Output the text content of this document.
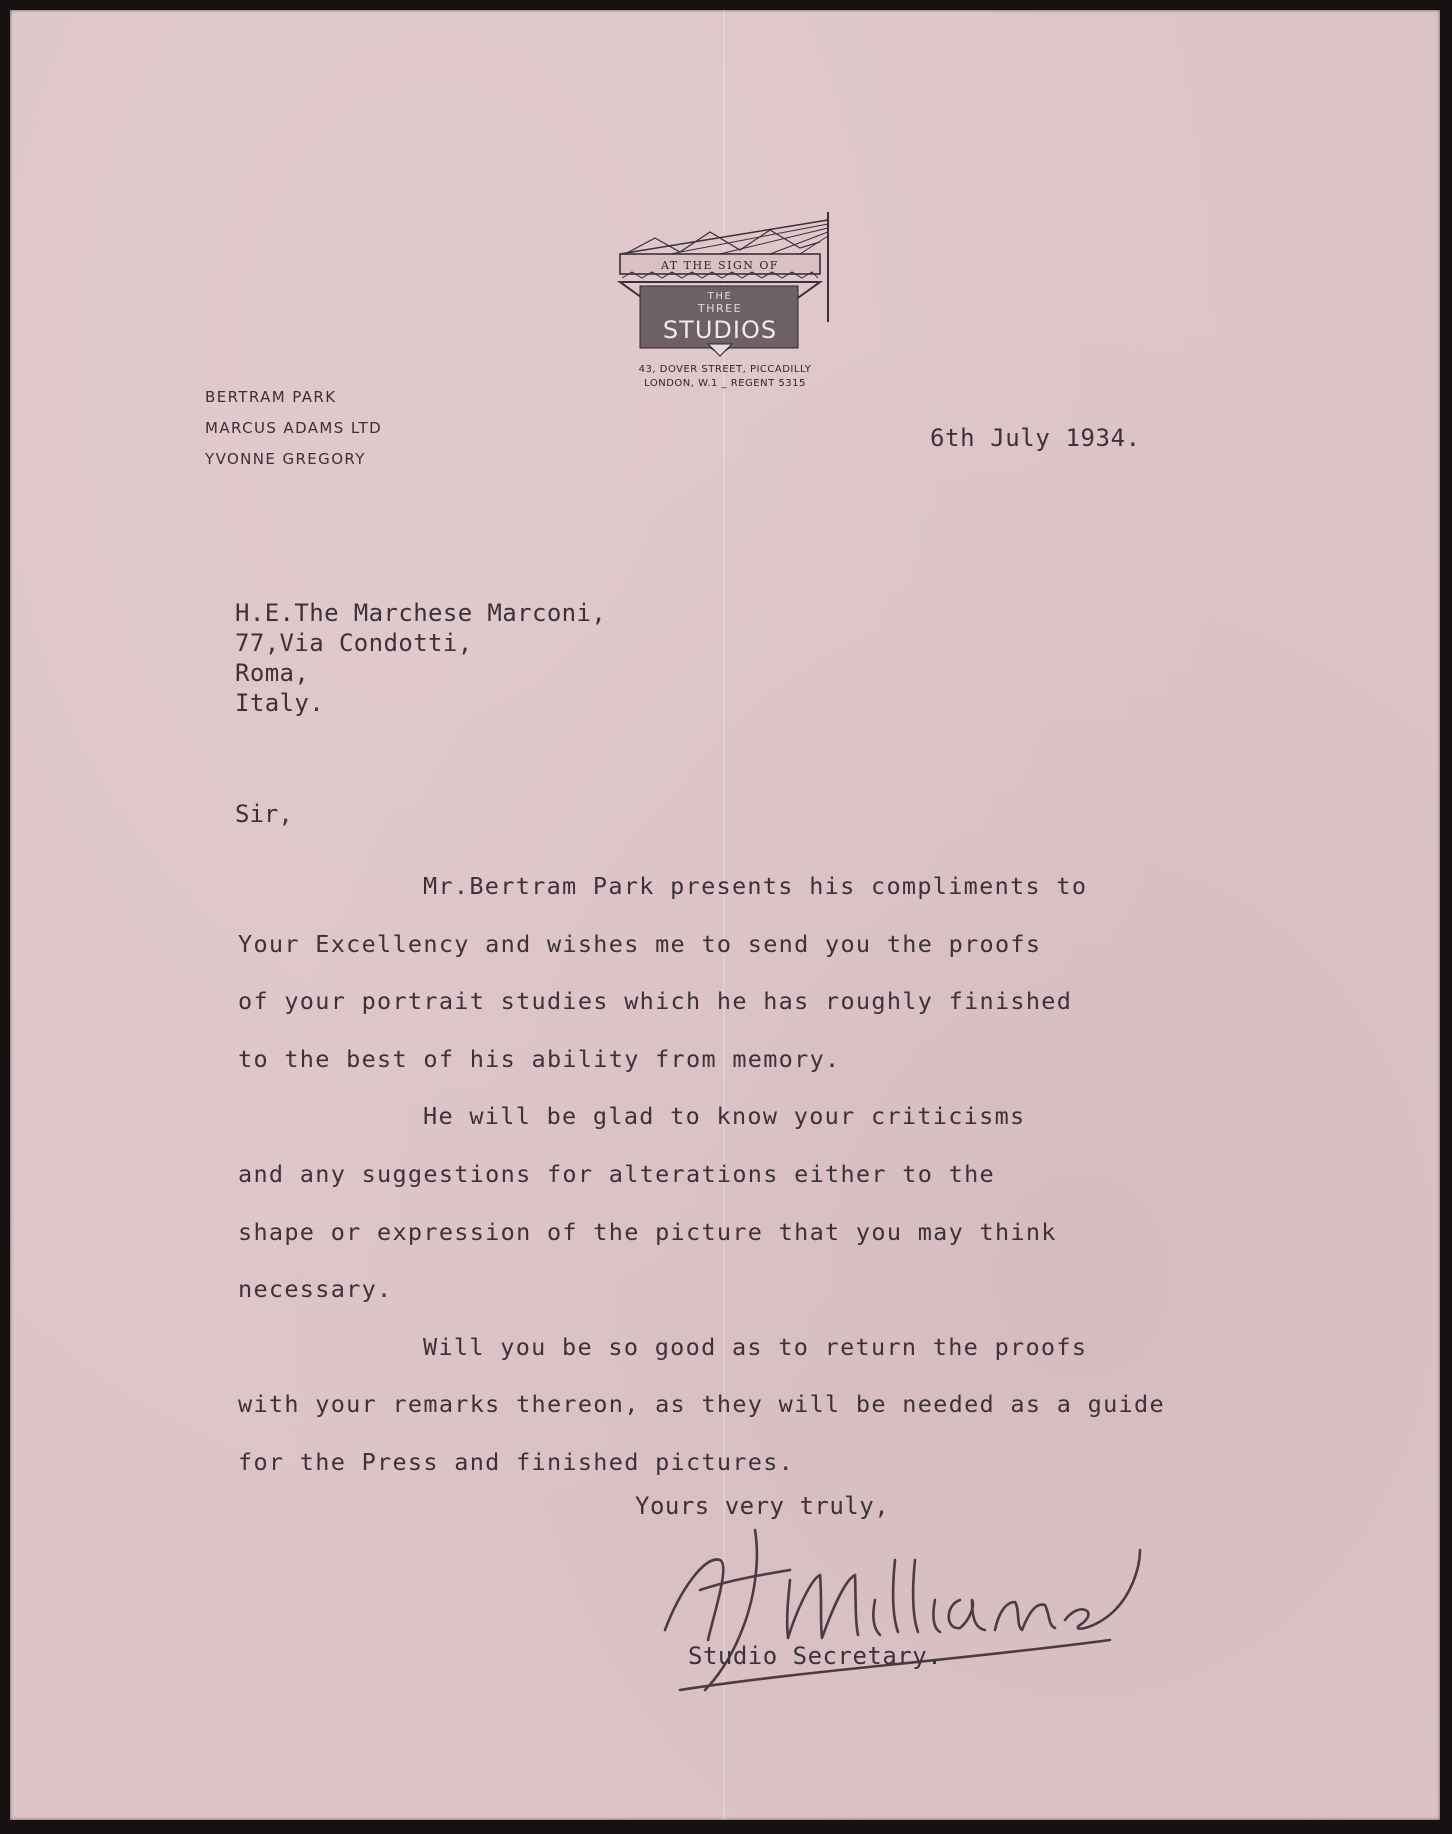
AT THE SIGN OF
THE
THREE
STUDIOS
43, DOVER STREET, PICCADILLY
LONDON, W.1 _ REGENT 5315
BERTRAM PARK
MARCUS ADAMS LTD
YVONNE GREGORY
6th July 1934.
H.E.The Marchese Marconi,
77,Via Condotti,
Roma,
Italy.
Sir,
Mr.Bertram Park presents his compliments to
Your Excellency and wishes me to send you the proofs
of your portrait studies which he has roughly finished
to the best of his ability from memory.
He will be glad to know your criticisms
and any suggestions for alterations either to the
shape or expression of the picture that you may think
necessary.
Will you be so good as to return the proofs
with your remarks thereon, as they will be needed as a guide
for the Press and finished pictures.
Yours very truly,
H.J.Williams
Studio Secretary.
